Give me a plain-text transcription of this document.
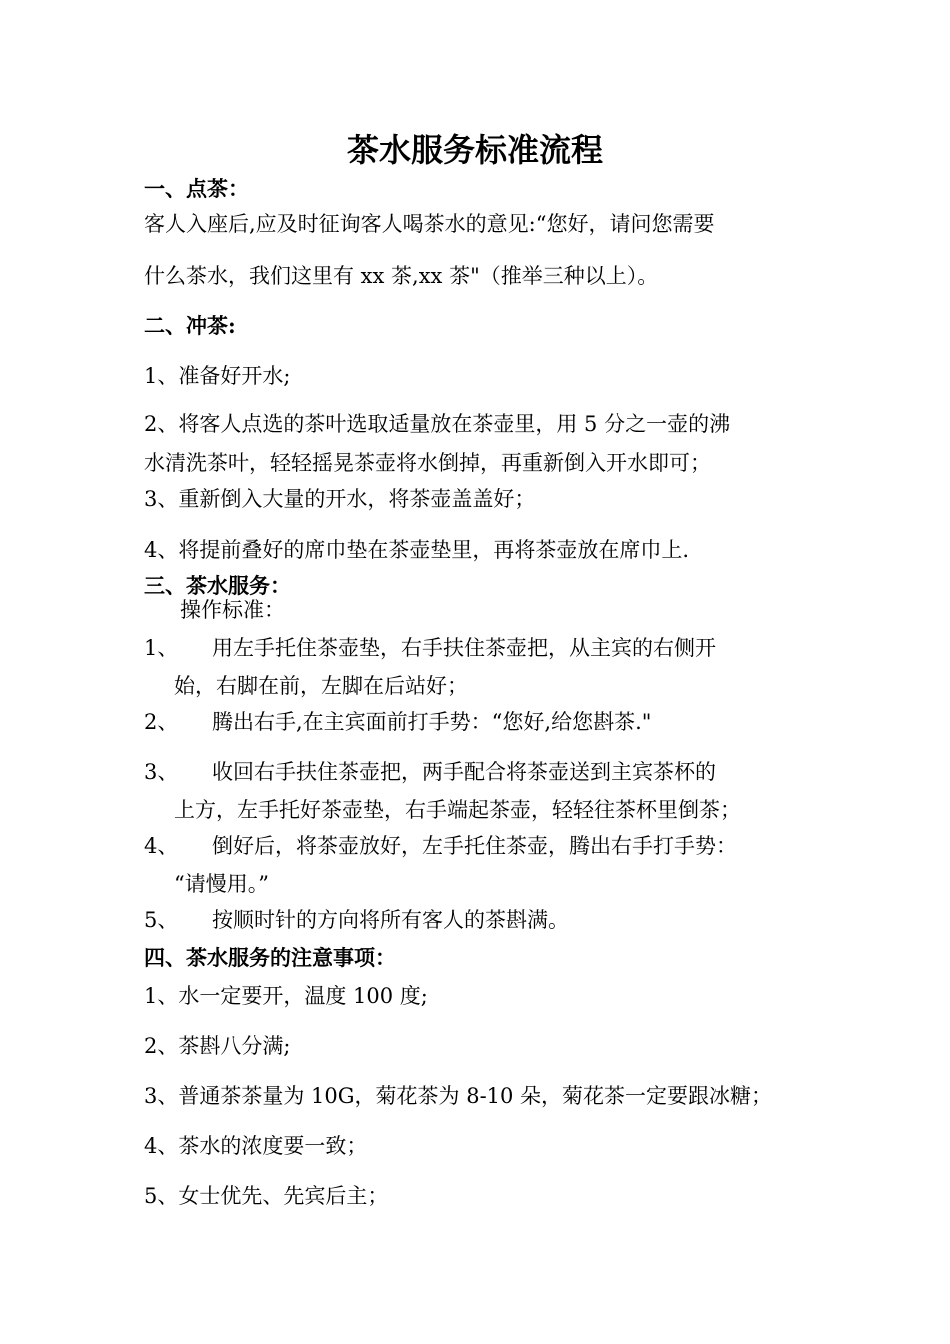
茶水服务标准流程
一、点茶：
客人入座后,应及时征询客人喝茶水的意见:“您好，请问您需要
什么茶水，我们这里有 xx 茶,xx 茶"（推举三种以上）。
二、冲茶:
1、准备好开水;
2、将客人点选的茶叶选取适量放在茶壶里，用 5 分之一壶的沸
水清洗茶叶，轻轻摇晃茶壶将水倒掉，再重新倒入开水即可；
3、重新倒入大量的开水，将茶壶盖盖好；
4、将提前叠好的席巾垫在茶壶垫里，再将茶壶放在席巾上.
三、茶水服务：
操作标准：
1、 用左手托住茶壶垫，右手扶住茶壶把，从主宾的右侧开
始，右脚在前，左脚在后站好；
2、 腾出右手,在主宾面前打手势：“您好,给您斟茶."
3、 收回右手扶住茶壶把，两手配合将茶壶送到主宾茶杯的
上方，左手托好茶壶垫，右手端起茶壶，轻轻往茶杯里倒茶；
4、 倒好后，将茶壶放好，左手托住茶壶，腾出右手打手势：
“请慢用。”
5、 按顺时针的方向将所有客人的茶斟满。
四、茶水服务的注意事项：
1、水一定要开，温度 100 度;
2、茶斟八分满;
3、普通茶茶量为 10G，菊花茶为 8-10 朵，菊花茶一定要跟冰糖；
4、茶水的浓度要一致；
5、女士优先、先宾后主；
